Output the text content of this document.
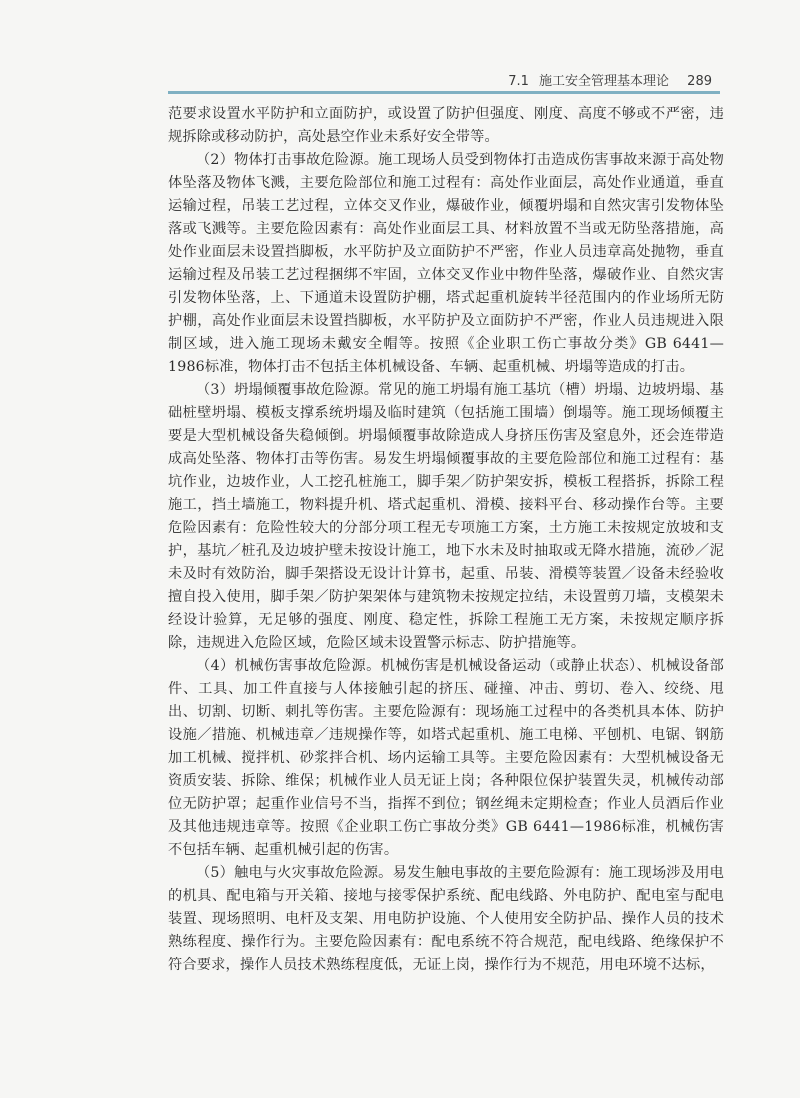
7.1 施工安全管理基本理论 289

范要求设置水平防护和立面防护，或设置了防护但强度、刚度、高度不够或不严密，违规拆除或移动防护，高处悬空作业未系好安全带等。

（2）物体打击事故危险源。施工现场人员受到物体打击造成伤害事故来源于高处物体坠落及物体飞溅，主要危险部位和施工过程有：高处作业面层，高处作业通道，垂直运输过程，吊装工艺过程，立体交叉作业，爆破作业，倾覆坍塌和自然灾害引发物体坠落或飞溅等。主要危险因素有：高处作业面层工具、材料放置不当或无防坠落措施，高处作业面层未设置挡脚板，水平防护及立面防护不严密，作业人员违章高处抛物，垂直运输过程及吊装工艺过程捆绑不牢固，立体交叉作业中物件坠落，爆破作业、自然灾害引发物体坠落，上、下通道未设置防护棚，塔式起重机旋转半径范围内的作业场所无防护棚，高处作业面层未设置挡脚板，水平防护及立面防护不严密，作业人员违规进入限制区域，进入施工现场未戴安全帽等。按照《企业职工伤亡事故分类》GB 6441—1986标准，物体打击不包括主体机械设备、车辆、起重机械、坍塌等造成的打击。

（3）坍塌倾覆事故危险源。常见的施工坍塌有施工基坑（槽）坍塌、边坡坍塌、基础桩壁坍塌、模板支撑系统坍塌及临时建筑（包括施工围墙）倒塌等。施工现场倾覆主要是大型机械设备失稳倾倒。坍塌倾覆事故除造成人身挤压伤害及窒息外，还会连带造成高处坠落、物体打击等伤害。易发生坍塌倾覆事故的主要危险部位和施工过程有：基坑作业，边坡作业，人工挖孔桩施工，脚手架／防护架安拆，模板工程搭拆，拆除工程施工，挡土墙施工，物料提升机、塔式起重机、滑模、接料平台、移动操作台等。主要危险因素有：危险性较大的分部分项工程无专项施工方案，土方施工未按规定放坡和支护，基坑／桩孔及边坡护壁未按设计施工，地下水未及时抽取或无降水措施，流砂／泥未及时有效防治，脚手架搭设无设计计算书，起重、吊装、滑模等装置／设备未经验收擅自投入使用，脚手架／防护架架体与建筑物未按规定拉结，未设置剪刀墙，支模架未经设计验算，无足够的强度、刚度、稳定性，拆除工程施工无方案，未按规定顺序拆除，违规进入危险区域，危险区域未设置警示标志、防护措施等。

（4）机械伤害事故危险源。机械伤害是机械设备运动（或静止状态）、机械设备部件、工具、加工件直接与人体接触引起的挤压、碰撞、冲击、剪切、卷入、绞绕、甩出、切割、切断、刺扎等伤害。主要危险源有：现场施工过程中的各类机具本体、防护设施／措施、机械违章／违规操作等，如塔式起重机、施工电梯、平刨机、电锯、钢筋加工机械、搅拌机、砂浆拌合机、场内运输工具等。主要危险因素有：大型机械设备无资质安装、拆除、维保；机械作业人员无证上岗；各种限位保护装置失灵，机械传动部位无防护罩；起重作业信号不当，指挥不到位；钢丝绳未定期检查；作业人员酒后作业及其他违规违章等。按照《企业职工伤亡事故分类》GB 6441—1986标准，机械伤害不包括车辆、起重机械引起的伤害。

（5）触电与火灾事故危险源。易发生触电事故的主要危险源有：施工现场涉及用电的机具、配电箱与开关箱、接地与接零保护系统、配电线路、外电防护、配电室与配电装置、现场照明、电杆及支架、用电防护设施、个人使用安全防护品、操作人员的技术熟练程度、操作行为。主要危险因素有：配电系统不符合规范，配电线路、绝缘保护不符合要求，操作人员技术熟练程度低，无证上岗，操作行为不规范，用电环境不达标，
